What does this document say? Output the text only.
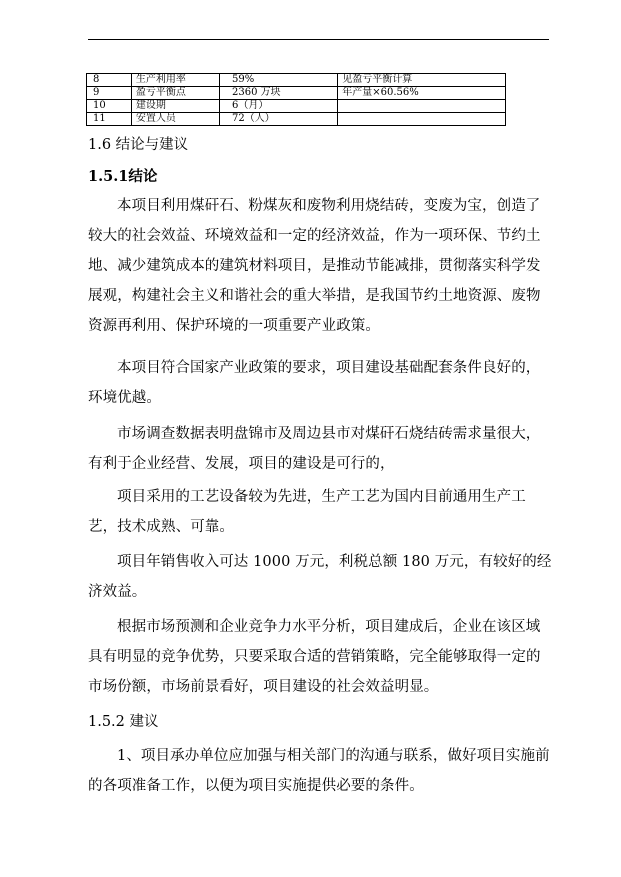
8	生产利用率	59%	见盈亏平衡计算
9	盈亏平衡点	2360 万块	年产量×60.56%
10	建设期	6（月）	
11	安置人员	72（人）	
1.6 结论与建议
1.5.1结论

本项目利用煤矸石、粉煤灰和废物利用烧结砖，变废为宝，创造了较大的社会效益、环境效益和一定的经济效益，作为一项环保、节约土地、减少建筑成本的建筑材料项目，是推动节能减排，贯彻落实科学发展观，构建社会主义和谐社会的重大举措，是我国节约土地资源、废物资源再利用、保护环境的一项重要产业政策。

本项目符合国家产业政策的要求，项目建设基础配套条件良好的，环境优越。

市场调查数据表明盘锦市及周边县市对煤矸石烧结砖需求量很大，有利于企业经营、发展，项目的建设是可行的，

项目采用的工艺设备较为先进，生产工艺为国内目前通用生产工艺，技术成熟、可靠。

项目年销售收入可达 1000 万元，利税总额 180 万元，有较好的经济效益。

根据市场预测和企业竞争力水平分析，项目建成后，企业在该区域具有明显的竞争优势，只要采取合适的营销策略，完全能够取得一定的市场份额，市场前景看好，项目建设的社会效益明显。

1.5.2 建议

1、项目承办单位应加强与相关部门的沟通与联系，做好项目实施前的各项准备工作，以便为项目实施提供必要的条件。
